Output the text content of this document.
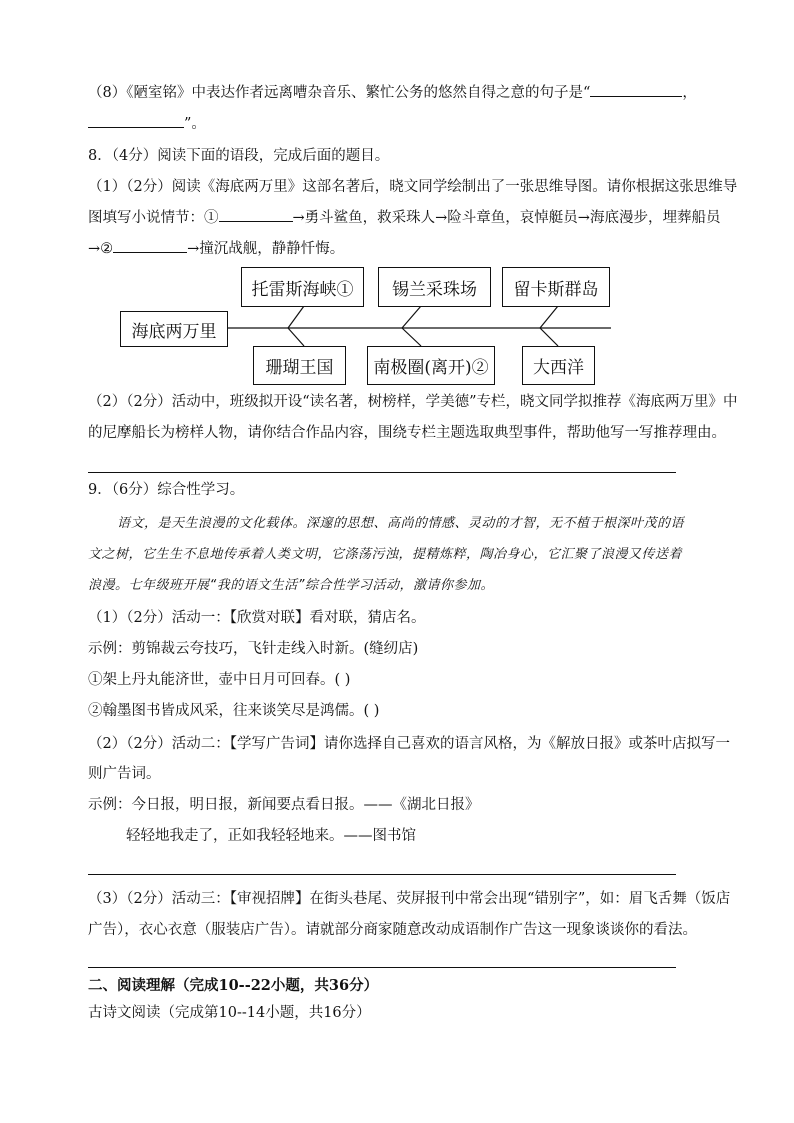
（8）《陋室铭》中表达作者远离嘈杂音乐、繁忙公务的悠然自得之意的句子是“	，
”。
8．（4分）阅读下面的语段，完成后面的题目。
（1）（2分）阅读《海底两万里》这部名著后，晓文同学绘制出了一张思维导图。请你根据这张思维导
图填写小说情节：①	→勇斗鲨鱼，救采珠人→险斗章鱼，哀悼艇员→海底漫步，埋葬船员
→②	→撞沉战舰，静静忏悔。
海底两万里
托雷斯海峡①	锡兰采珠场	留卡斯群岛
珊瑚王国	南极圈(离开)②	大西洋
（2）（2分）活动中，班级拟开设“读名著，树榜样，学美德”专栏，晓文同学拟推荐《海底两万里》中
的尼摩船长为榜样人物，请你结合作品内容，围绕专栏主题选取典型事件，帮助他写一写推荐理由。
9．（6分）综合性学习。
语文，是天生浪漫的文化载体。深邃的思想、高尚的情感、灵动的才智，无不植于根深叶茂的语
文之树，它生生不息地传承着人类文明，它涤荡污浊，提精炼粹，陶冶身心，它汇聚了浪漫又传送着
浪漫。七年级班开展“我的语文生活”综合性学习活动，激请你参加。
（1）（2分）活动一：【欣赏对联】看对联，猜店名。
示例：剪锦裁云夸技巧，飞针走线入时新。(缝纫店)
①架上丹丸能济世，壶中日月可回春。( )
②翰墨图书皆成风采，往来谈笑尽是鸿儒。( )
（2）（2分）活动二：【学写广告词】请你选择自己喜欢的语言风格，为《解放日报》或茶叶店拟写一
则广告词。
示例：今日报，明日报，新闻要点看日报。——《湖北日报》
轻轻地我走了，正如我轻轻地来。——图书馆
（3）（2分）活动三：【审视招牌】在街头巷尾、荧屏报刊中常会出现“错别字”，如：眉飞舌舞（饭店
广告），衣心衣意（服装店广告）。请就部分商家随意改动成语制作广告这一现象谈谈你的看法。
二、阅读理解（完成10--22小题，共36分）
古诗文阅读（完成第10--14小题，共16分）
